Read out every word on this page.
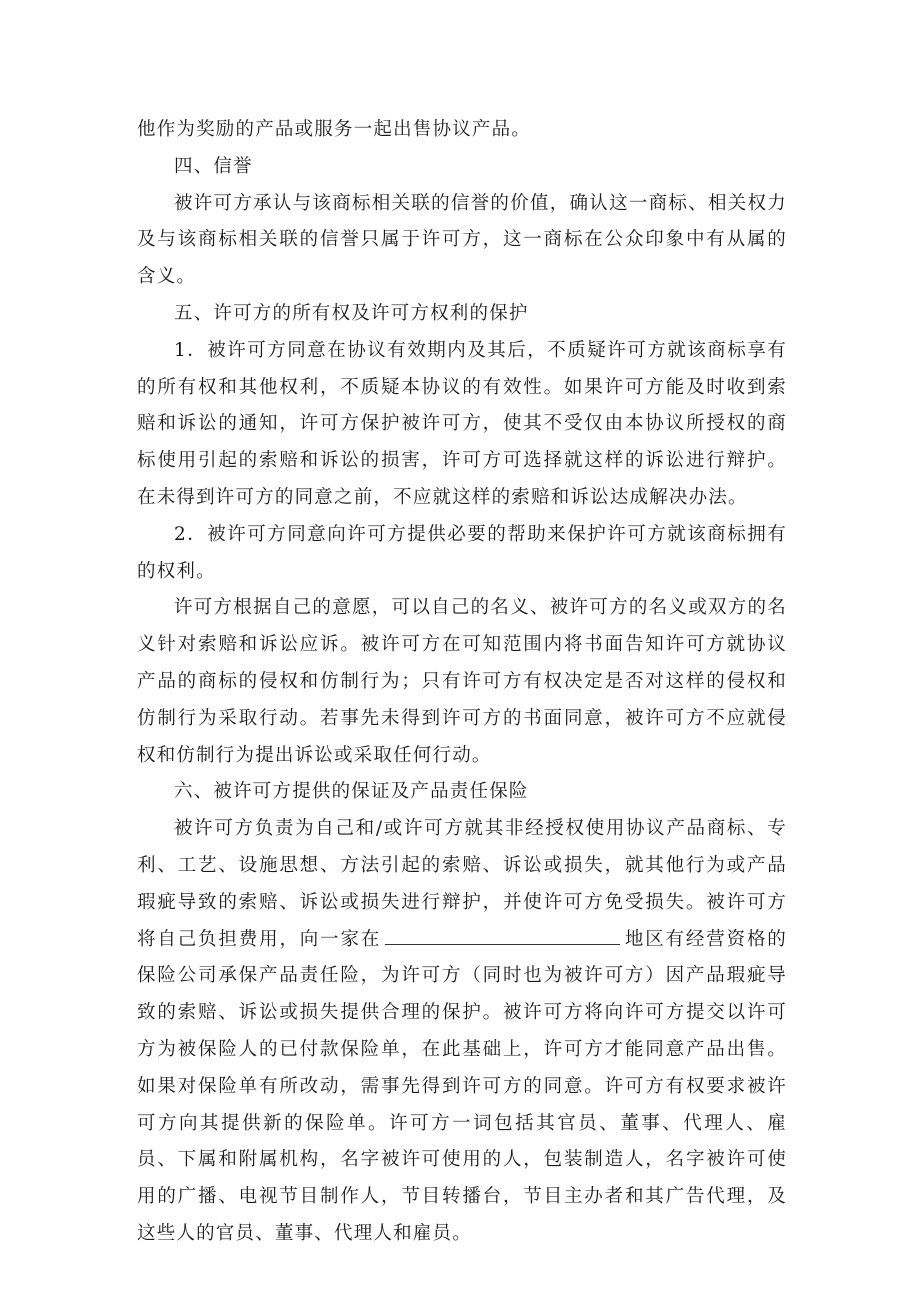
他作为奖励的产品或服务一起出售协议产品。

四、信誉

被许可方承认与该商标相关联的信誉的价值，确认这一商标、相关权力及与该商标相关联的信誉只属于许可方，这一商标在公众印象中有从属的含义。

五、许可方的所有权及许可方权利的保护

1．被许可方同意在协议有效期内及其后，不质疑许可方就该商标享有的所有权和其他权利，不质疑本协议的有效性。如果许可方能及时收到索赔和诉讼的通知，许可方保护被许可方，使其不受仅由本协议所授权的商标使用引起的索赔和诉讼的损害，许可方可选择就这样的诉讼进行辩护。在未得到许可方的同意之前，不应就这样的索赔和诉讼达成解决办法。

2．被许可方同意向许可方提供必要的帮助来保护许可方就该商标拥有的权利。

许可方根据自己的意愿，可以自己的名义、被许可方的名义或双方的名义针对索赔和诉讼应诉。被许可方在可知范围内将书面告知许可方就协议产品的商标的侵权和仿制行为；只有许可方有权决定是否对这样的侵权和仿制行为采取行动。若事先未得到许可方的书面同意，被许可方不应就侵权和仿制行为提出诉讼或采取任何行动。

六、被许可方提供的保证及产品责任保险

被许可方负责为自己和/或许可方就其非经授权使用协议产品商标、专利、工艺、设施思想、方法引起的索赔、诉讼或损失，就其他行为或产品瑕疵导致的索赔、诉讼或损失进行辩护，并使许可方免受损失。被许可方将自己负担费用，向一家在	地区有经营资格的保险公司承保产品责任险，为许可方（同时也为被许可方）因产品瑕疵导致的索赔、诉讼或损失提供合理的保护。被许可方将向许可方提交以许可方为被保险人的已付款保险单，在此基础上，许可方才能同意产品出售。如果对保险单有所改动，需事先得到许可方的同意。许可方有权要求被许可方向其提供新的保险单。许可方一词包括其官员、董事、代理人、雇员、下属和附属机构，名字被许可使用的人，包装制造人，名字被许可使用的广播、电视节目制作人，节目转播台，节目主办者和其广告代理，及这些人的官员、董事、代理人和雇员。
